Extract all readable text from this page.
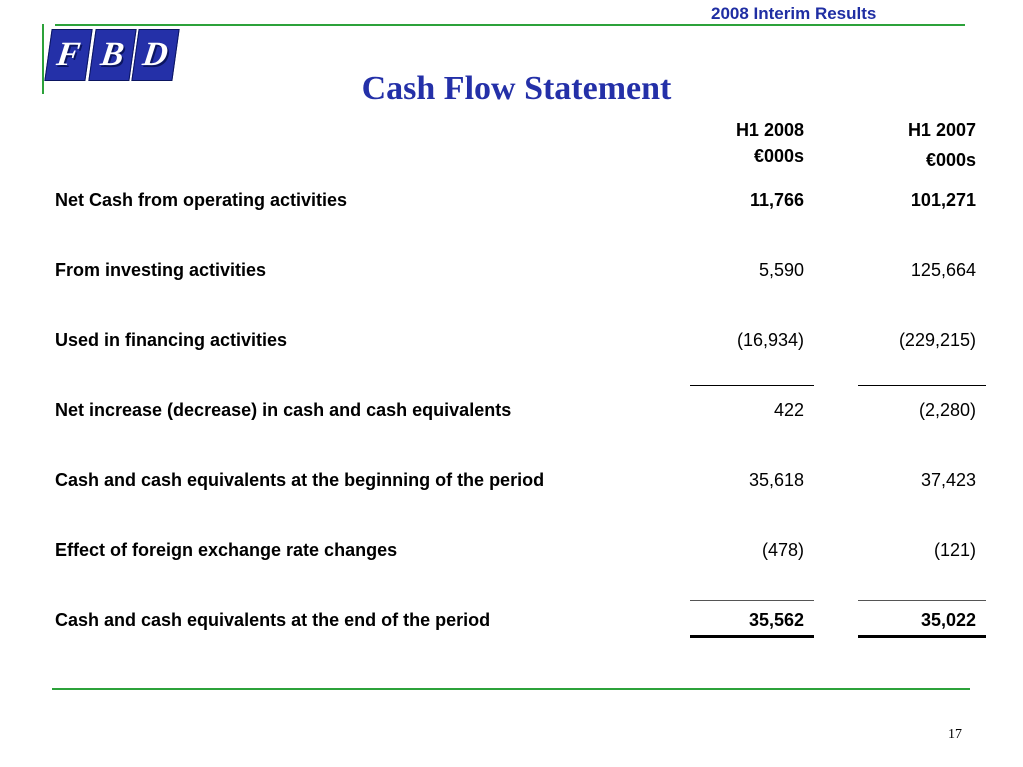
2008 Interim Results
F B D
Cash Flow Statement
H1 2008
€000s
H1 2007
€000s
Net Cash from operating activities	11,766	101,271
From investing activities	5,590	125,664
Used in financing activities	(16,934)	(229,215)
Net increase (decrease) in cash and cash equivalents	422	(2,280)
Cash and cash equivalents at the beginning of the period	35,618	37,423
Effect of foreign exchange rate changes	(478)	(121)
Cash and cash equivalents at the end of the period	35,562	35,022
17
